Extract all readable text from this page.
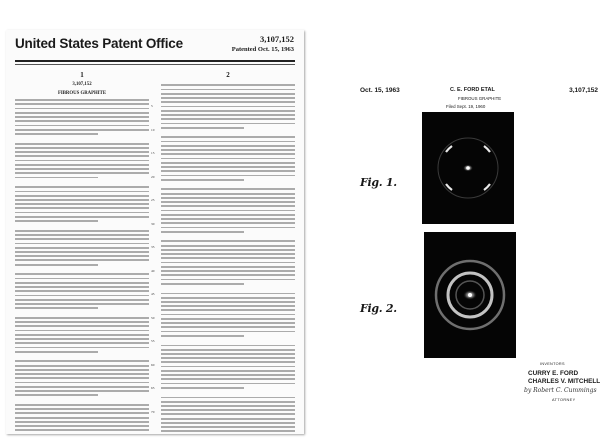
United States Patent Office	3,107,152
Patented Oct. 15, 1963
1	2
3,107,152
FIBROUS GRAPHITE
5
10
15
20
25
30
35
40
45
50
55
60
65
70
Oct. 15, 1963	C. E. FORD ETAL	3,107,152
FIBROUS GRAPHITE
Filed Sept. 19, 1960
Fig. 1.
Fig. 2.
INVENTORS
CURRY E. FORD
CHARLES V. MITCHELL
by Robert C. Cummings
ATTORNEY
